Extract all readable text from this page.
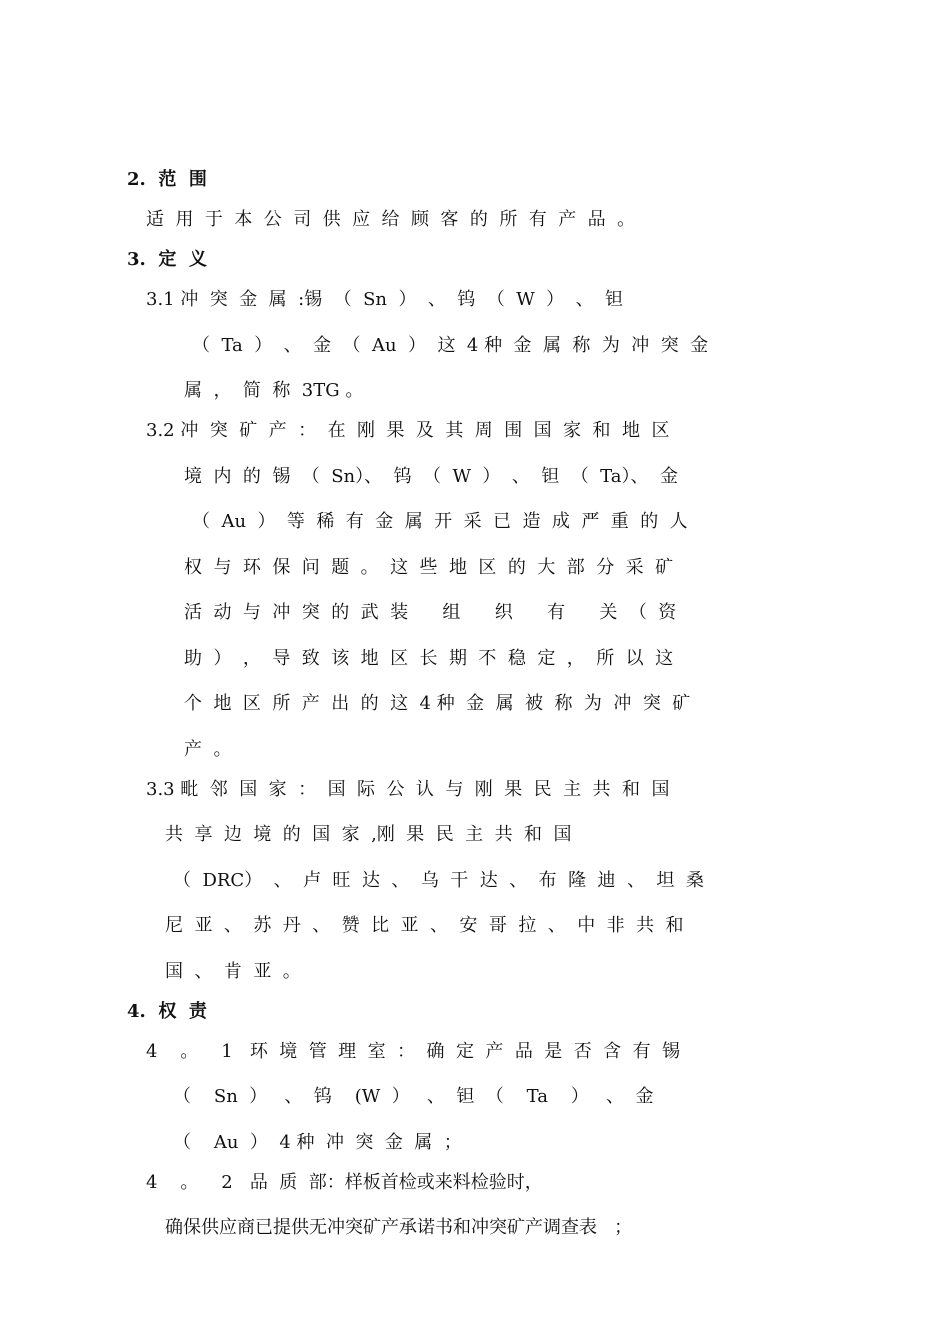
2.  范  围
适  用  于  本  公  司  供  应  给  顾  客  的  所  有  产  品  。
3.  定  义
3.1 冲  突  金  属  :锡  （  Sn  ）  、  钨  （  W  ）  、  钽
（  Ta  ）  、  金  （  Au  ）  这  4 种  金  属  称  为  冲  突  金
属  ，  简  称  3TG 。
3.2 冲  突  矿  产  ：  在  刚  果  及  其  周  围  国  家  和  地  区
境  内  的  锡  （  Sn）、  钨  （  W  ）  、  钽  （  Ta）、  金
（  Au  ）  等  稀  有  金  属  开  采  已  造  成  严  重  的  人
权  与  环  保  问  题  。  这  些  地  区  的  大  部  分  采  矿
活  动  与  冲  突  的  武  装      组      织      有      关  （  资
助  ）  ，  导  致  该  地  区  长  期  不  稳  定  ，  所  以  这
个  地  区  所  产  出  的  这  4 种  金  属  被  称  为  冲  突  矿
产  。
3.3 毗  邻  国  家  ：  国  际  公  认  与  刚  果  民  主  共  和  国
共  享  边  境  的  国  家  ,刚  果  民  主  共  和  国
（  DRC）  、  卢  旺  达  、  乌  干  达  、  布  隆  迪  、  坦  桑
尼  亚  、  苏  丹  、  赞  比  亚  、  安  哥  拉  、  中  非  共  和
国  、  肯  亚  。
4.  权  责
4    。    1   环  境  管  理  室  ：  确  定  产  品  是  否  含  有  锡
（    Sn  ）   、  钨    (W  ）   、  钽  （    Ta    ）   、  金
（    Au  ）  4 种  冲  突  金  属  ；
4    。    2   品  质  部：样板首检或来料检验时，
确保供应商已提供无冲突矿产承诺书和冲突矿产调查表   ；
